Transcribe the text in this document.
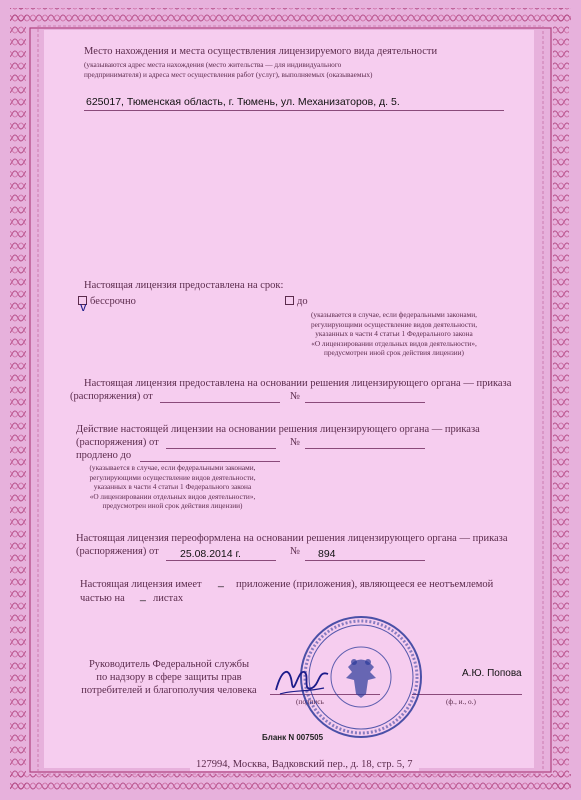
Место нахождения и места осуществления лицензируемого вида деятельности
(указываются адрес места нахождения (место жительства — для индивидуального
предпринимателя) и адреса мест осуществления работ (услуг), выполняемых (оказываемых)
625017, Тюменская область, г. Тюмень, ул. Механизаторов, д. 5.
Настоящая лицензия предоставлена на срок:
v бессрочно	до
(указывается в случае, если федеральными законами,
регулирующими осуществление видов деятельности,
указанных в части 4 статьи 1 Федерального закона
«О лицензировании отдельных видов деятельности»,
предусмотрен иной срок действия лицензии)
Настоящая лицензия предоставлена на основании решения лицензирующего органа — приказа
(распоряжения) от	№
Действие настоящей лицензии на основании решения лицензирующего органа — приказа
(распоряжения) от	№
продлено до
(указывается в случае, если федеральными законами,
регулирующими осуществление видов деятельности,
указанных в части 4 статьи 1 Федерального закона
«О лицензировании отдельных видов деятельности»,
предусмотрен иной срок действия лицензии)
Настоящая лицензия переоформлена на основании решения лицензирующего органа — приказа
(распоряжения) от 25.08.2014 г.	№ 894
Настоящая лицензия имеет _ приложение (приложения), являющееся ее неотъемлемой
частью на _ листах
Руководитель Федеральной службы
по надзору в сфере защиты прав
потребителей и благополучия человека
(подпись
А.Ю. Попова
(ф., и., о.)
Бланк N 007505
127994, Москва, Вадковский пер., д. 18, стр. 5, 7
